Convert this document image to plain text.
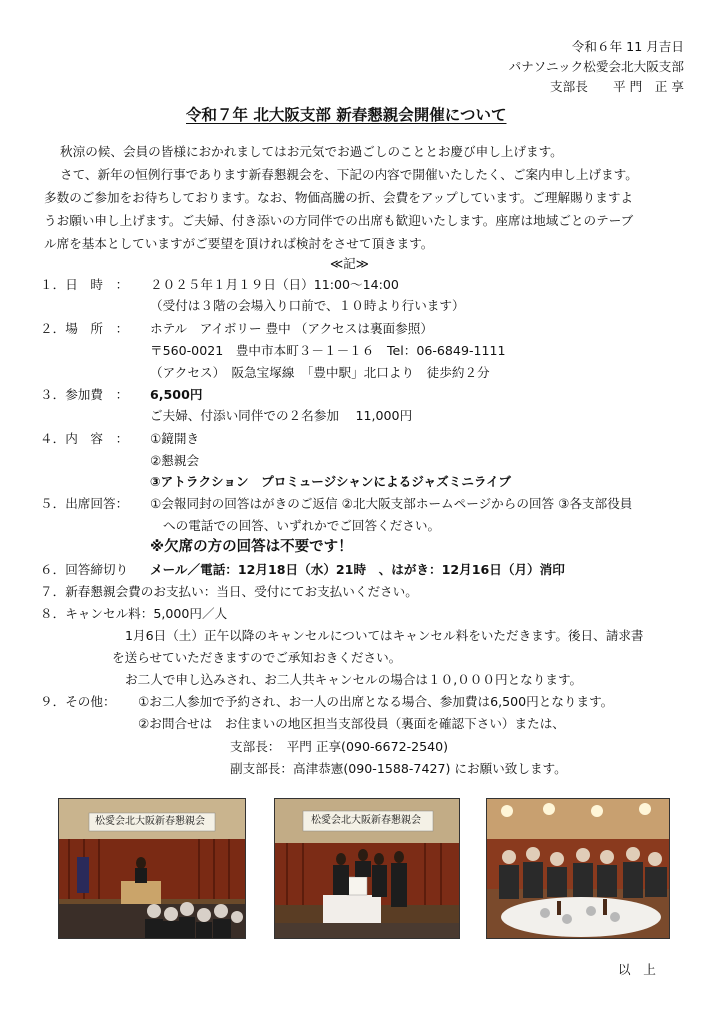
令和６年 11 月吉日
パナソニック松愛会北大阪支部
支部長　　平 門　正 享
令和７年 北大阪支部 新春懇親会開催について
秋涼の候、会員の皆様におかれましてはお元気でお過ごしのこととお慶び申し上げます。
さて、新年の恒例行事であります新春懇親会を、下記の内容で開催いたしたく、ご案内申し上げます。
多数のご参加をお待ちしております。なお、物価高騰の折、会費をアップしています。ご理解賜りますよ
うお願い申し上げます。ご夫婦、付き添いの方同伴での出席も歓迎いたします。座席は地域ごとのテーブ
ル席を基本としていますがご要望を頂ければ検討をさせて頂きます。
≪記≫
１．日　時　： ２０２５年１月１９日（日）11:00～14:00
（受付は３階の会場入り口前で、１０時より行います）
２．場　所　： ホテル　アイボリー 豊中 （アクセスは裏面参照）
〒560-0021　豊中市本町３－１－１６　Tel：06-6849-1111
（アクセス）　阪急宝塚線　「豊中駅」北口より　徒歩約２分
３．参加費　： 6,500円
ご夫婦、付添い同伴での２名参加　 11,000円
４．内　容　： ①鏡開き
②懇親会
③アトラクション　プロミュージシャンによるジャズミニライブ
５．出席回答： ①会報同封の回答はがきのご返信 ②北大阪支部ホームページからの回答 ③各支部役員
への電話での回答、いずれかでご回答ください。
※欠席の方の回答は不要です！
６．回答締切り メール／電話：12月18日（水）21時　、はがき：12月16日（月）消印
７．新春懇親会費のお支払い：当日、受付にてお支払いください。
８．キャンセル料：5,000円／人
1月6日（土）正午以降のキャンセルについてはキャンセル料をいただきます。後日、請求書
を送らせていただきますのでご承知おきください。
お二人で申し込みされ、お二人共キャンセルの場合は１０,０００円となります。
９．その他： ①お二人参加で予約され、お一人の出席となる場合、参加費は6,500円となります。
②お問合せは　お住まいの地区担当支部役員（裏面を確認下さい）または、
支部長：　平門 正享(090-6672-2540)
副支部長：高津恭憲(090-1588-7427) にお願い致します。
松愛会北大阪新春懇親会	松愛会北大阪新春懇親会
以　上
